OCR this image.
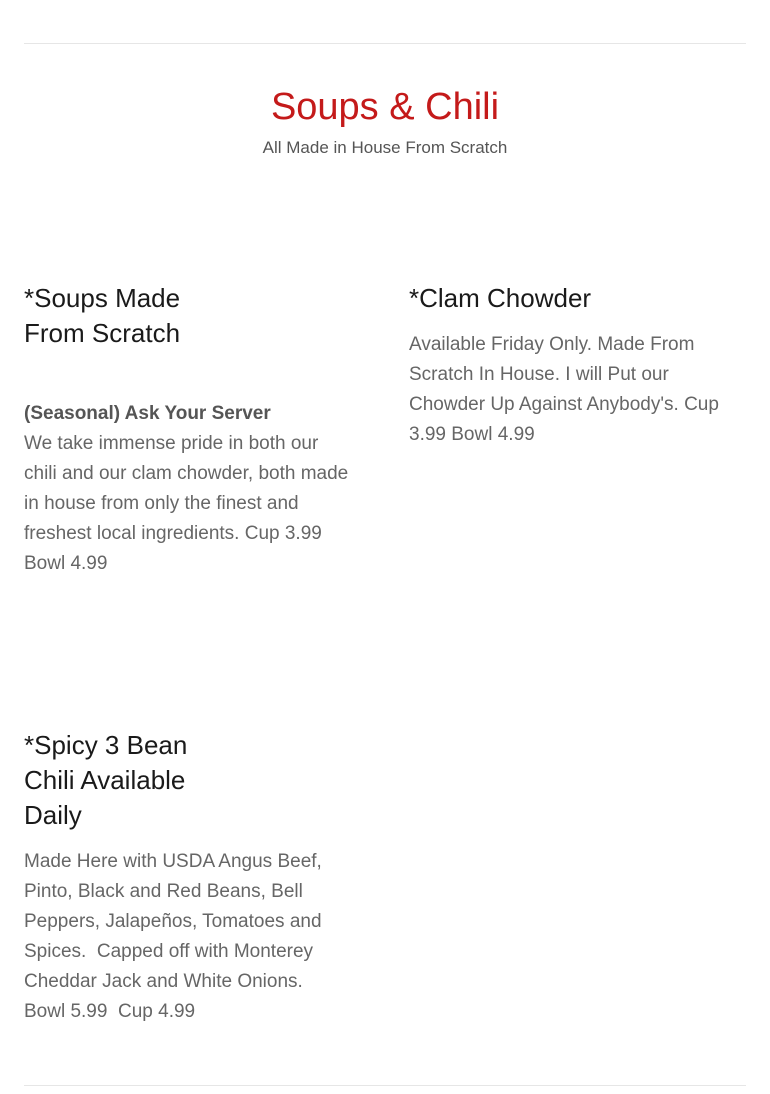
Soups & Chili
All Made in House From Scratch
*Soups Made From Scratch
(Seasonal) Ask Your Server
We take immense pride in both our chili and our clam chowder, both made in house from only the finest and freshest local ingredients. Cup 3.99 Bowl 4.99
*Clam Chowder
Available Friday Only. Made From Scratch In House. I will Put our Chowder Up Against Anybody's. Cup 3.99 Bowl 4.99
*Spicy 3 Bean Chili Available Daily
Made Here with USDA Angus Beef, Pinto, Black and Red Beans, Bell Peppers, Jalapeños, Tomatoes and Spices.  Capped off with Monterey Cheddar Jack and White Onions.  Bowl 5.99  Cup 4.99
